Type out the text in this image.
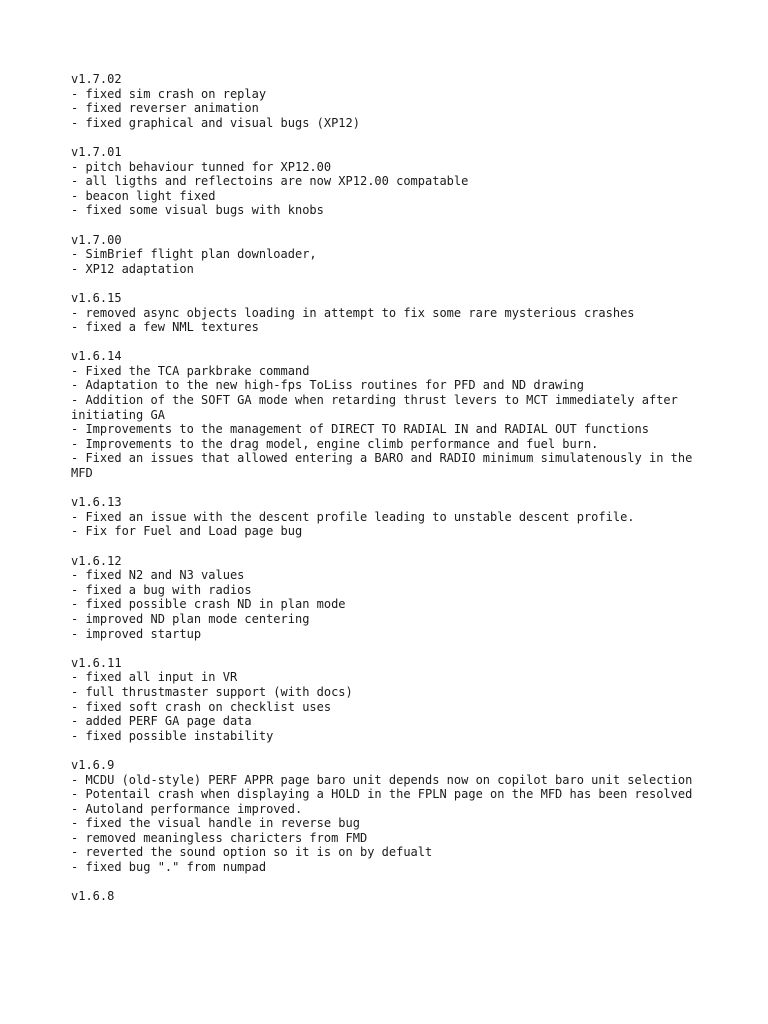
v1.7.02
- fixed sim crash on replay
- fixed reverser animation
- fixed graphical and visual bugs (XP12)
v1.7.01
- pitch behaviour tunned for XP12.00
- all ligths and reflectoins are now XP12.00 compatable
- beacon light fixed
- fixed some visual bugs with knobs
v1.7.00
- SimBrief flight plan downloader,
- XP12 adaptation
v1.6.15
- removed async objects loading in attempt to fix some rare mysterious crashes
- fixed a few NML textures
v1.6.14
- Fixed the TCA parkbrake command
- Adaptation to the new high-fps ToLiss routines for PFD and ND drawing
- Addition of the SOFT GA mode when retarding thrust levers to MCT immediately after initiating GA
- Improvements to the management of DIRECT TO RADIAL IN and RADIAL OUT functions
- Improvements to the drag model, engine climb performance and fuel burn.
- Fixed an issues that allowed entering a BARO and RADIO minimum simulatenously in the MFD
v1.6.13
- Fixed an issue with the descent profile leading to unstable descent profile.
- Fix for Fuel and Load page bug
v1.6.12
- fixed N2 and N3 values
- fixed a bug with radios
- fixed possible crash ND in plan mode
- improved ND plan mode centering
- improved startup
v1.6.11
- fixed all input in VR
- full thrustmaster support (with docs)
- fixed soft crash on checklist uses
- added PERF GA page data
- fixed possible instability
v1.6.9
- MCDU (old-style) PERF APPR page baro unit depends now on copilot baro unit selection
- Potentail crash when displaying a HOLD in the FPLN page on the MFD has been resolved
- Autoland performance improved.
- fixed the visual handle in reverse bug
- removed meaningless charicters from FMD
- reverted the sound option so it is on by defualt
- fixed bug "." from numpad
v1.6.8
